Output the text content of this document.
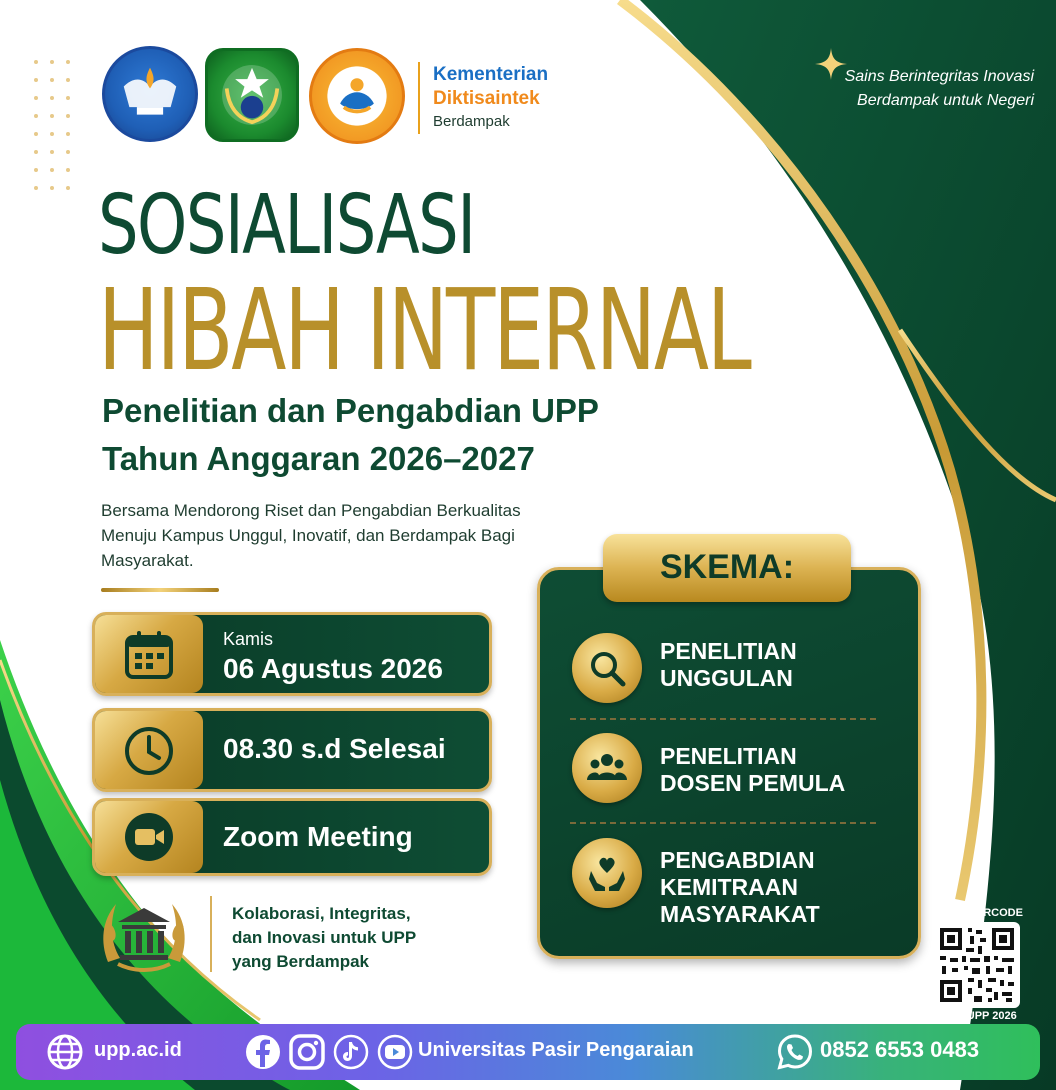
Kementerian
Diktisaintek
Berdampak
Sains Berintegritas Inovasi
Berdampak untuk Negeri
SOSIALISASI
HIBAH INTERNAL
Penelitian dan Pengabdian UPP
Tahun Anggaran 2026–2027
Bersama Mendorong Riset dan Pengabdian Berkualitas Menuju Kampus Unggul, Inovatif, dan Berdampak Bagi Masyarakat.
Kamis
06 Agustus 2026
08.30 s.d Selesai
Zoom Meeting
Kolaborasi, Integritas,
dan Inovasi untuk UPP
yang Berdampak
SKEMA:
PENELITIAN
UNGGULAN
PENELITIAN
DOSEN PEMULA
PENGABDIAN
KEMITRAAN
MASYARAKAT	SCAN BARCODE
PMB UPP 2026
upp.ac.id	Universitas Pasir Pengaraian	0852 6553 0483
